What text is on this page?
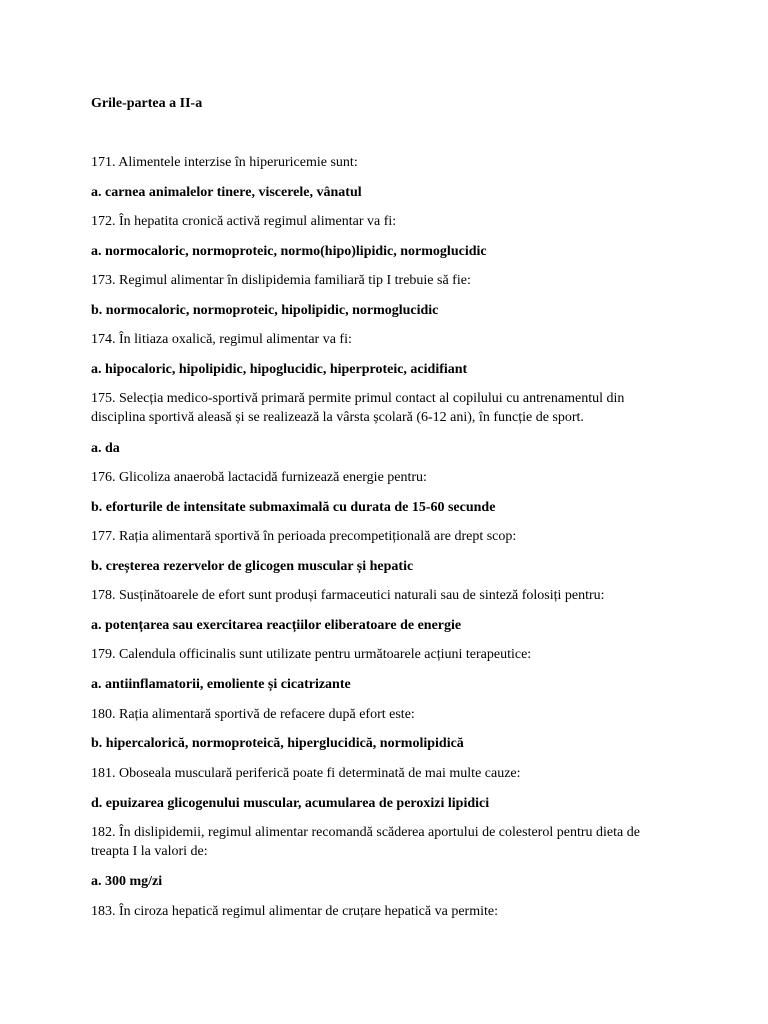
Grile-partea a II-a
171. Alimentele interzise în hiperuricemie sunt:
a. carnea animalelor tinere, viscerele, vânatul
172. În hepatita cronică activă regimul alimentar va fi:
a. normocaloric, normoproteic, normo(hipo)lipidic, normoglucidic
173. Regimul alimentar în dislipidemia familiară tip I trebuie să fie:
b. normocaloric, normoproteic, hipolipidic, normoglucidic
174. În litiaza oxalică, regimul alimentar va fi:
a. hipocaloric, hipolipidic, hipoglucidic, hiperproteic, acidifiant
175. Selecția medico-sportivă primară permite primul contact al copilului cu antrenamentul din disciplina sportivă aleasă și se realizează la vârsta școlară (6-12 ani), în funcție de sport.
a. da
176. Glicoliza anaerobă lactacidă furnizează energie pentru:
b. eforturile de intensitate submaximală cu durata de 15-60 secunde
177. Rația alimentară sportivă în perioada precompetițională are drept scop:
b. creșterea rezervelor de glicogen muscular și hepatic
178. Susținătoarele de efort sunt produși farmaceutici naturali sau de sinteză folosiți pentru:
a. potențarea sau exercitarea reacțiilor eliberatoare de energie
179. Calendula officinalis sunt utilizate pentru următoarele acțiuni terapeutice:
a. antiinflamatorii, emoliente și cicatrizante
180. Rația alimentară sportivă de refacere după efort este:
b. hipercalorică, normoproteică, hiperglucidică, normolipidică
181. Oboseala musculară periferică poate fi determinată de mai multe cauze:
d. epuizarea glicogenului muscular, acumularea de peroxizi lipidici
182. În dislipidemii, regimul alimentar recomandă scăderea aportului de colesterol pentru dieta de treapta I la valori de:
a. 300 mg/zi
183. În ciroza hepatică regimul alimentar de cruțare hepatică va permite:
